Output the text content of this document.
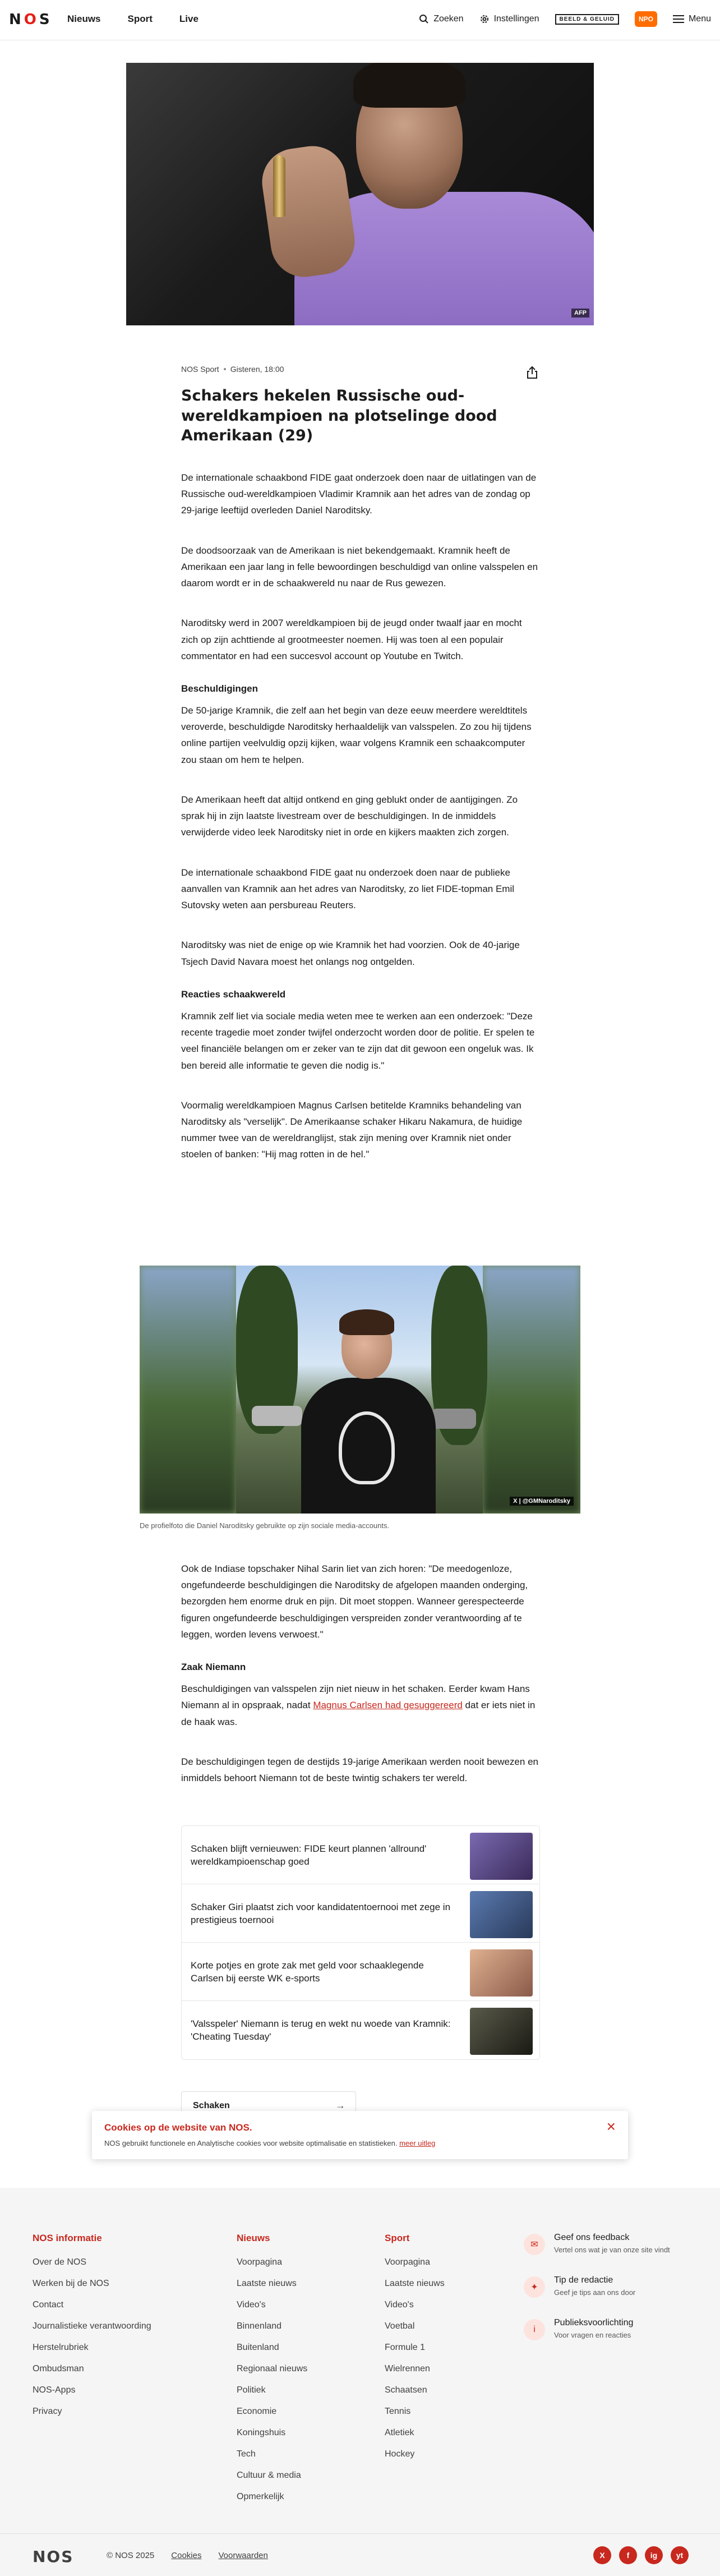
N O S Nieuws	Sport	Live	Zoeken	Instellingen	BEELD & GELUID	NPO	Menu
AFP
NOS Sport Gisteren, 18:00
Schakers hekelen Russische oud-wereldkampioen na plotselinge dood Amerikaan (29)

De internationale schaakbond FIDE gaat onderzoek doen naar de uitlatingen van de Russische oud-wereldkampioen Vladimir Kramnik aan het adres van de zondag op 29-jarige leeftijd overleden Daniel Naroditsky.

De doodsoorzaak van de Amerikaan is niet bekendgemaakt. Kramnik heeft de Amerikaan een jaar lang in felle bewoordingen beschuldigd van online valsspelen en daarom wordt er in de schaakwereld nu naar de Rus gewezen.

Naroditsky werd in 2007 wereldkampioen bij de jeugd onder twaalf jaar en mocht zich op zijn achttiende al grootmeester noemen. Hij was toen al een populair commentator en had een succesvol account op Youtube en Twitch.

Beschuldigingen

De 50-jarige Kramnik, die zelf aan het begin van deze eeuw meerdere wereldtitels veroverde, beschuldigde Naroditsky herhaaldelijk van valsspelen. Zo zou hij tijdens online partijen veelvuldig opzij kijken, waar volgens Kramnik een schaakcomputer zou staan om hem te helpen.

De Amerikaan heeft dat altijd ontkend en ging geblukt onder de aantijgingen. Zo sprak hij in zijn laatste livestream over de beschuldigingen. In de inmiddels verwijderde video leek Naroditsky niet in orde en kijkers maakten zich zorgen.

De internationale schaakbond FIDE gaat nu onderzoek doen naar de publieke aanvallen van Kramnik aan het adres van Naroditsky, zo liet FIDE-topman Emil Sutovsky weten aan persbureau Reuters.

Naroditsky was niet de enige op wie Kramnik het had voorzien. Ook de 40-jarige Tsjech David Navara moest het onlangs nog ontgelden.

Reacties schaakwereld

Kramnik zelf liet via sociale media weten mee te werken aan een onderzoek: "Deze recente tragedie moet zonder twijfel onderzocht worden door de politie. Er spelen te veel financiële belangen om er zeker van te zijn dat dit gewoon een ongeluk was. Ik ben bereid alle informatie te geven die nodig is."

Voormalig wereldkampioen Magnus Carlsen betitelde Kramniks behandeling van Naroditsky als "verselijk". De Amerikaanse schaker Hikaru Nakamura, de huidige nummer twee van de wereldranglijst, stak zijn mening over Kramnik niet onder stoelen of banken: "Hij mag rotten in de hel."

X | @GMNaroditsky
De profielfoto die Daniel Naroditsky gebruikte op zijn sociale media-accounts.

Ook de Indiase topschaker Nihal Sarin liet van zich horen: "De meedogenloze, ongefundeerde beschuldigingen die Naroditsky de afgelopen maanden onderging, bezorgden hem enorme druk en pijn. Dit moet stoppen. Wanneer gerespecteerde figuren ongefundeerde beschuldigingen verspreiden zonder verantwoording af te leggen, worden levens verwoest."

Zaak Niemann

Beschuldigingen van valsspelen zijn niet nieuw in het schaken. Eerder kwam Hans Niemann al in opspraak, nadat Magnus Carlsen had gesuggereerd dat er iets niet in de haak was.

De beschuldigingen tegen de destijds 19-jarige Amerikaan werden nooit bewezen en inmiddels behoort Niemann tot de beste twintig schakers ter wereld.

Schaken blijft vernieuwen: FIDE keurt plannen 'allround' wereldkampioenschap goed
Schaker Giri plaatst zich voor kandidatentoernooi met zege in prestigieus toernooi
Korte potjes en grote zak met geld voor schaaklegende Carlsen bij eerste WK e-sports
'Valsspeler' Niemann is terug en wekt nu woede van Kramnik: 'Cheating Tuesday'
Schaken	→
Cookies op de website van NOS.
NOS gebruikt functionele en Analytische cookies voor website optimalisatie en statistieken. meer uitleg
×
NOS informatie
Over de NOS
Werken bij de NOS
Contact
Journalistieke verantwoording
Herstelrubriek
Ombudsman
NOS-Apps
Privacy
Nieuws
Voorpagina
Laatste nieuws
Video's
Binnenland
Buitenland
Regionaal nieuws
Politiek
Economie
Koningshuis
Tech
Cultuur & media
Opmerkelijk
Sport
Voorpagina
Laatste nieuws
Video's
Voetbal
Formule 1
Wielrennen
Schaatsen
Tennis
Atletiek
Hockey
✉
Geef ons feedback
Vertel ons wat je van onze site vindt
✦
Tip de redactie
Geef je tips aan ons door
i
Publieksvoorlichting
Voor vragen en reacties
NOS	© NOS 2025 Cookies Voorwaarden	X	f	ig	yt
